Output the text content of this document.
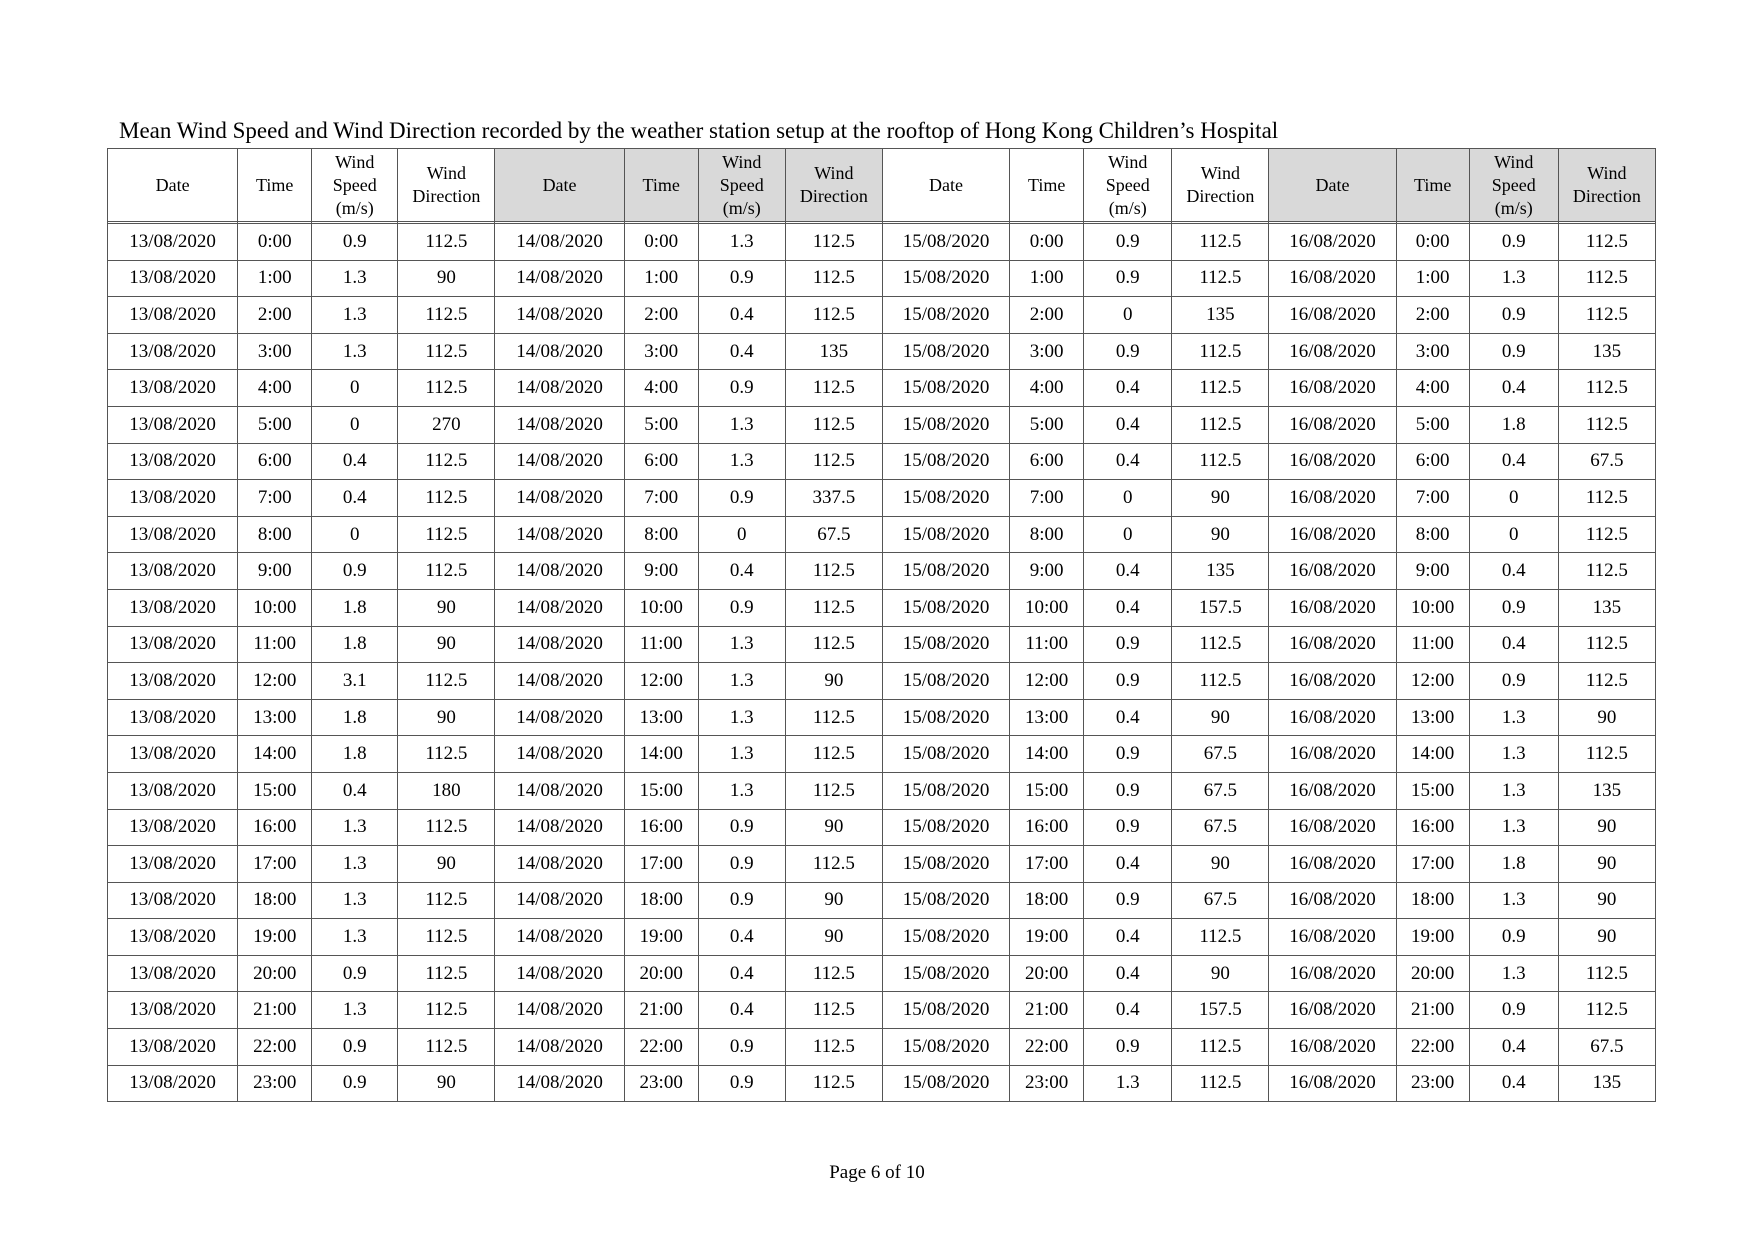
Mean Wind Speed and Wind Direction recorded by the weather station setup at the rooftop of Hong Kong Children’s Hospital
Date	Time	Wind
Speed
(m/s)	Wind
Direction	Date	Time	Wind
Speed
(m/s)	Wind
Direction	Date	Time	Wind
Speed
(m/s)	Wind
Direction	Date	Time	Wind
Speed
(m/s)	Wind
Direction

13/08/2020	0:00	0.9	112.5	14/08/2020	0:00	1.3	112.5	15/08/2020	0:00	0.9	112.5	16/08/2020	0:00	0.9	112.5
13/08/2020	1:00	1.3	90	14/08/2020	1:00	0.9	112.5	15/08/2020	1:00	0.9	112.5	16/08/2020	1:00	1.3	112.5
13/08/2020	2:00	1.3	112.5	14/08/2020	2:00	0.4	112.5	15/08/2020	2:00	0	135	16/08/2020	2:00	0.9	112.5
13/08/2020	3:00	1.3	112.5	14/08/2020	3:00	0.4	135	15/08/2020	3:00	0.9	112.5	16/08/2020	3:00	0.9	135
13/08/2020	4:00	0	112.5	14/08/2020	4:00	0.9	112.5	15/08/2020	4:00	0.4	112.5	16/08/2020	4:00	0.4	112.5
13/08/2020	5:00	0	270	14/08/2020	5:00	1.3	112.5	15/08/2020	5:00	0.4	112.5	16/08/2020	5:00	1.8	112.5
13/08/2020	6:00	0.4	112.5	14/08/2020	6:00	1.3	112.5	15/08/2020	6:00	0.4	112.5	16/08/2020	6:00	0.4	67.5
13/08/2020	7:00	0.4	112.5	14/08/2020	7:00	0.9	337.5	15/08/2020	7:00	0	90	16/08/2020	7:00	0	112.5
13/08/2020	8:00	0	112.5	14/08/2020	8:00	0	67.5	15/08/2020	8:00	0	90	16/08/2020	8:00	0	112.5
13/08/2020	9:00	0.9	112.5	14/08/2020	9:00	0.4	112.5	15/08/2020	9:00	0.4	135	16/08/2020	9:00	0.4	112.5
13/08/2020	10:00	1.8	90	14/08/2020	10:00	0.9	112.5	15/08/2020	10:00	0.4	157.5	16/08/2020	10:00	0.9	135
13/08/2020	11:00	1.8	90	14/08/2020	11:00	1.3	112.5	15/08/2020	11:00	0.9	112.5	16/08/2020	11:00	0.4	112.5
13/08/2020	12:00	3.1	112.5	14/08/2020	12:00	1.3	90	15/08/2020	12:00	0.9	112.5	16/08/2020	12:00	0.9	112.5
13/08/2020	13:00	1.8	90	14/08/2020	13:00	1.3	112.5	15/08/2020	13:00	0.4	90	16/08/2020	13:00	1.3	90
13/08/2020	14:00	1.8	112.5	14/08/2020	14:00	1.3	112.5	15/08/2020	14:00	0.9	67.5	16/08/2020	14:00	1.3	112.5
13/08/2020	15:00	0.4	180	14/08/2020	15:00	1.3	112.5	15/08/2020	15:00	0.9	67.5	16/08/2020	15:00	1.3	135
13/08/2020	16:00	1.3	112.5	14/08/2020	16:00	0.9	90	15/08/2020	16:00	0.9	67.5	16/08/2020	16:00	1.3	90
13/08/2020	17:00	1.3	90	14/08/2020	17:00	0.9	112.5	15/08/2020	17:00	0.4	90	16/08/2020	17:00	1.8	90
13/08/2020	18:00	1.3	112.5	14/08/2020	18:00	0.9	90	15/08/2020	18:00	0.9	67.5	16/08/2020	18:00	1.3	90
13/08/2020	19:00	1.3	112.5	14/08/2020	19:00	0.4	90	15/08/2020	19:00	0.4	112.5	16/08/2020	19:00	0.9	90
13/08/2020	20:00	0.9	112.5	14/08/2020	20:00	0.4	112.5	15/08/2020	20:00	0.4	90	16/08/2020	20:00	1.3	112.5
13/08/2020	21:00	1.3	112.5	14/08/2020	21:00	0.4	112.5	15/08/2020	21:00	0.4	157.5	16/08/2020	21:00	0.9	112.5
13/08/2020	22:00	0.9	112.5	14/08/2020	22:00	0.9	112.5	15/08/2020	22:00	0.9	112.5	16/08/2020	22:00	0.4	67.5
13/08/2020	23:00	0.9	90	14/08/2020	23:00	0.9	112.5	15/08/2020	23:00	1.3	112.5	16/08/2020	23:00	0.4	135
Page 6 of 10
